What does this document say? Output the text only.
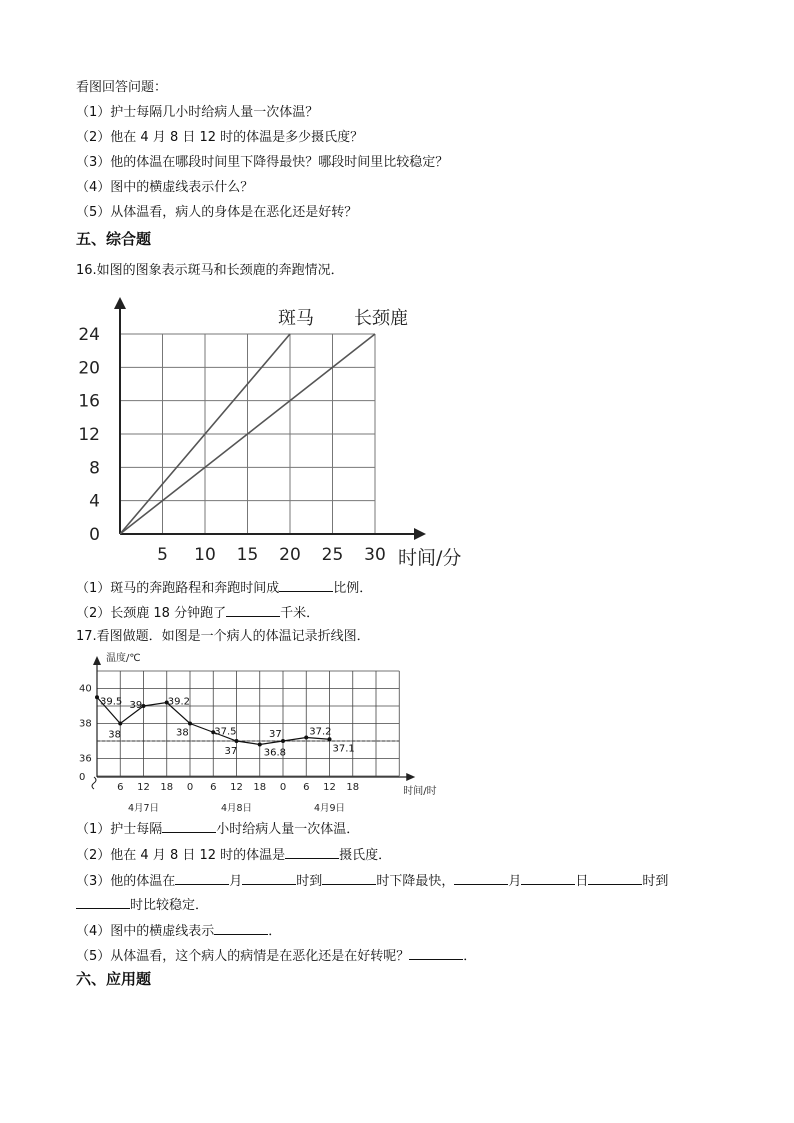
看图回答问题：
（1）护士每隔几小时给病人量一次体温？
（2）他在 4 月 8 日 12 时的体温是多少摄氏度？
（3）他的体温在哪段时间里下降得最快？哪段时间里比较稳定？
（4）图中的横虚线表示什么？
（5）从体温看，病人的身体是在恶化还是好转？
五、综合题
16.如图的图象表示斑马和长颈鹿的奔跑情况．
0
4
8
12
16
20
24
5 10 15 20 25 30 时间/分
斑马 长颈鹿
（1）斑马的奔跑路程和奔跑时间成	比例．
（2）长颈鹿 18 分钟跑了	千米．
17.看图做题．如图是一个病人的体温记录折线图．
温度/℃
0
36
38
40
6 12 18 0 6 12 18 0 6 12 18	时间/时
4月7日	4月8日	4月9日
39.5
38
39	39.2
38	37.5
37	36.8
37	37.2
37.1
（1）护士每隔	小时给病人量一次体温．
（2）他在 4 月 8 日 12 时的体温是	摄氏度．
（3）他的体温在	月	时到	时下降最快，	月	日	时到
时比较稳定．
（4）图中的横虚线表示	．
（5）从体温看，这个病人的病情是在恶化还是在好转呢？	．
六、应用题
